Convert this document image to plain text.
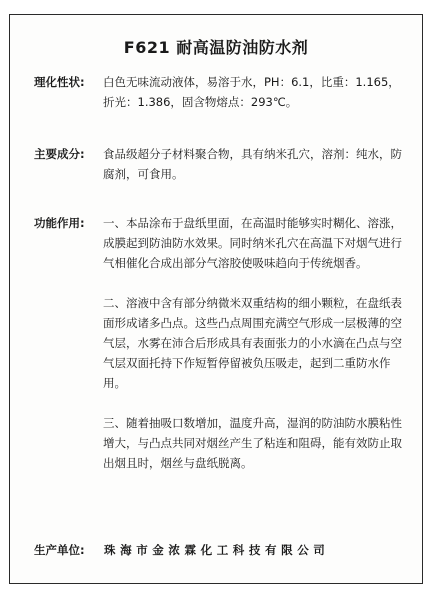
F621 耐高温防油防水剂
理化性状:	白色无味流动液体，易溶于水，PH：6.1，比重：1.165，折光：1.386，固含物熔点：293℃。
主要成分:	食品级超分子材料聚合物，具有纳米孔穴，溶剂：纯水，防腐剂，可食用。
功能作用:	一、本品涂布于盘纸里面，在高温时能够实时糊化、溶涨，成膜起到防油防水效果。同时纳米孔穴在高温下对烟气进行气相催化合成出部分气溶胶使吸味趋向于传统烟香。

二、溶液中含有部分纳微米双重结构的细小颗粒，在盘纸表面形成诸多凸点。这些凸点周围充满空气形成一层极薄的空气层，水雾在沛合后形成具有表面张力的小水滴在凸点与空气层双面托持下作短暂停留被负压吸走，起到二重防水作用。

三、随着抽吸口数增加，温度升高，湿润的防油防水膜粘性增大，与凸点共同对烟丝产生了粘连和阻碍，能有效防止取出烟且时，烟丝与盘纸脱离。

生产单位: 珠海市金浓霖化工科技有限公司
